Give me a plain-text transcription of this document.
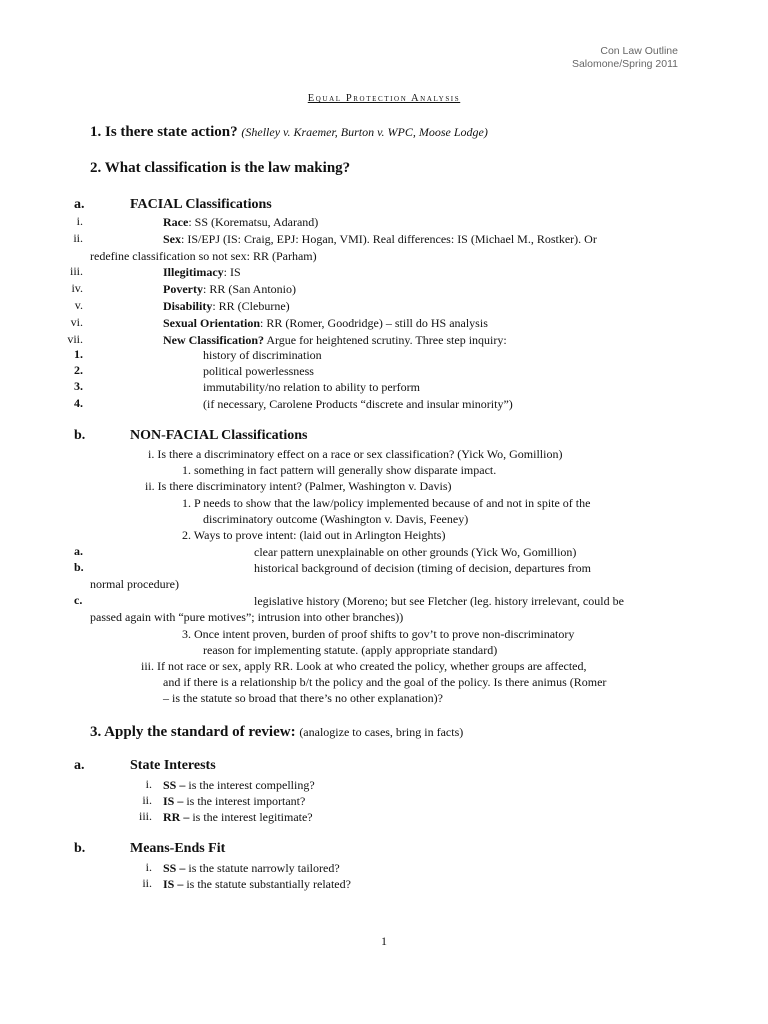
Con Law Outline
Salomone/Spring 2011
Equal Protection Analysis
1. Is there state action? (Shelley v. Kraemer, Burton v. WPC, Moose Lodge)
2. What classification is the law making?
a.	FACIAL Classifications
b.	NON-FACIAL Classifications
i. Is there a discriminatory effect on a race or sex classification? (Yick Wo, Gomillion)
1. something in fact pattern will generally show disparate impact.
ii. Is there discriminatory intent? (Palmer, Washington v. Davis)
1. P needs to show that the law/policy implemented because of and not in spite of the
discriminatory outcome (Washington v. Davis, Feeney)
2. Ways to prove intent: (laid out in Arlington Heights)
a.	clear pattern unexplainable on other grounds (Yick Wo, Gomillion)
b.	historical background of decision (timing of decision, departures from
normal procedure)
c.	legislative history (Moreno; but see Fletcher (leg. history irrelevant, could be
passed again with “pure motives”; intrusion into other branches))
3. Once intent proven, burden of proof shifts to gov’t to prove non-discriminatory
reason for implementing statute. (apply appropriate standard)
iii. If not race or sex, apply RR. Look at who created the policy, whether groups are affected,
and if there is a relationship b/t the policy and the goal of the policy. Is there animus (Romer
– is the statute so broad that there’s no other explanation)?
3. Apply the standard of review: (analogize to cases, bring in facts)
a.	State Interests
b.	Means-Ends Fit
1
i.	Race: SS (Korematsu, Adarand)
ii.	Sex: IS/EPJ (IS: Craig, EPJ: Hogan, VMI). Real differences: IS (Michael M., Rostker). Or
redefine classification so not sex: RR (Parham)
iii.	Illegitimacy: IS
iv.	Poverty: RR (San Antonio)
v.	Disability: RR (Cleburne)
vi.	Sexual Orientation: RR (Romer, Goodridge) – still do HS analysis
vii.	New Classification? Argue for heightened scrutiny. Three step inquiry:
1.	history of discrimination
2.	political powerlessness
3.	immutability/no relation to ability to perform
4.	(if necessary, Carolene Products “discrete and insular minority”)
i. SS – is the interest compelling?
ii. IS – is the interest important?
iii. RR – is the interest legitimate?
i. SS – is the statute narrowly tailored?
ii. IS – is the statute substantially related?
